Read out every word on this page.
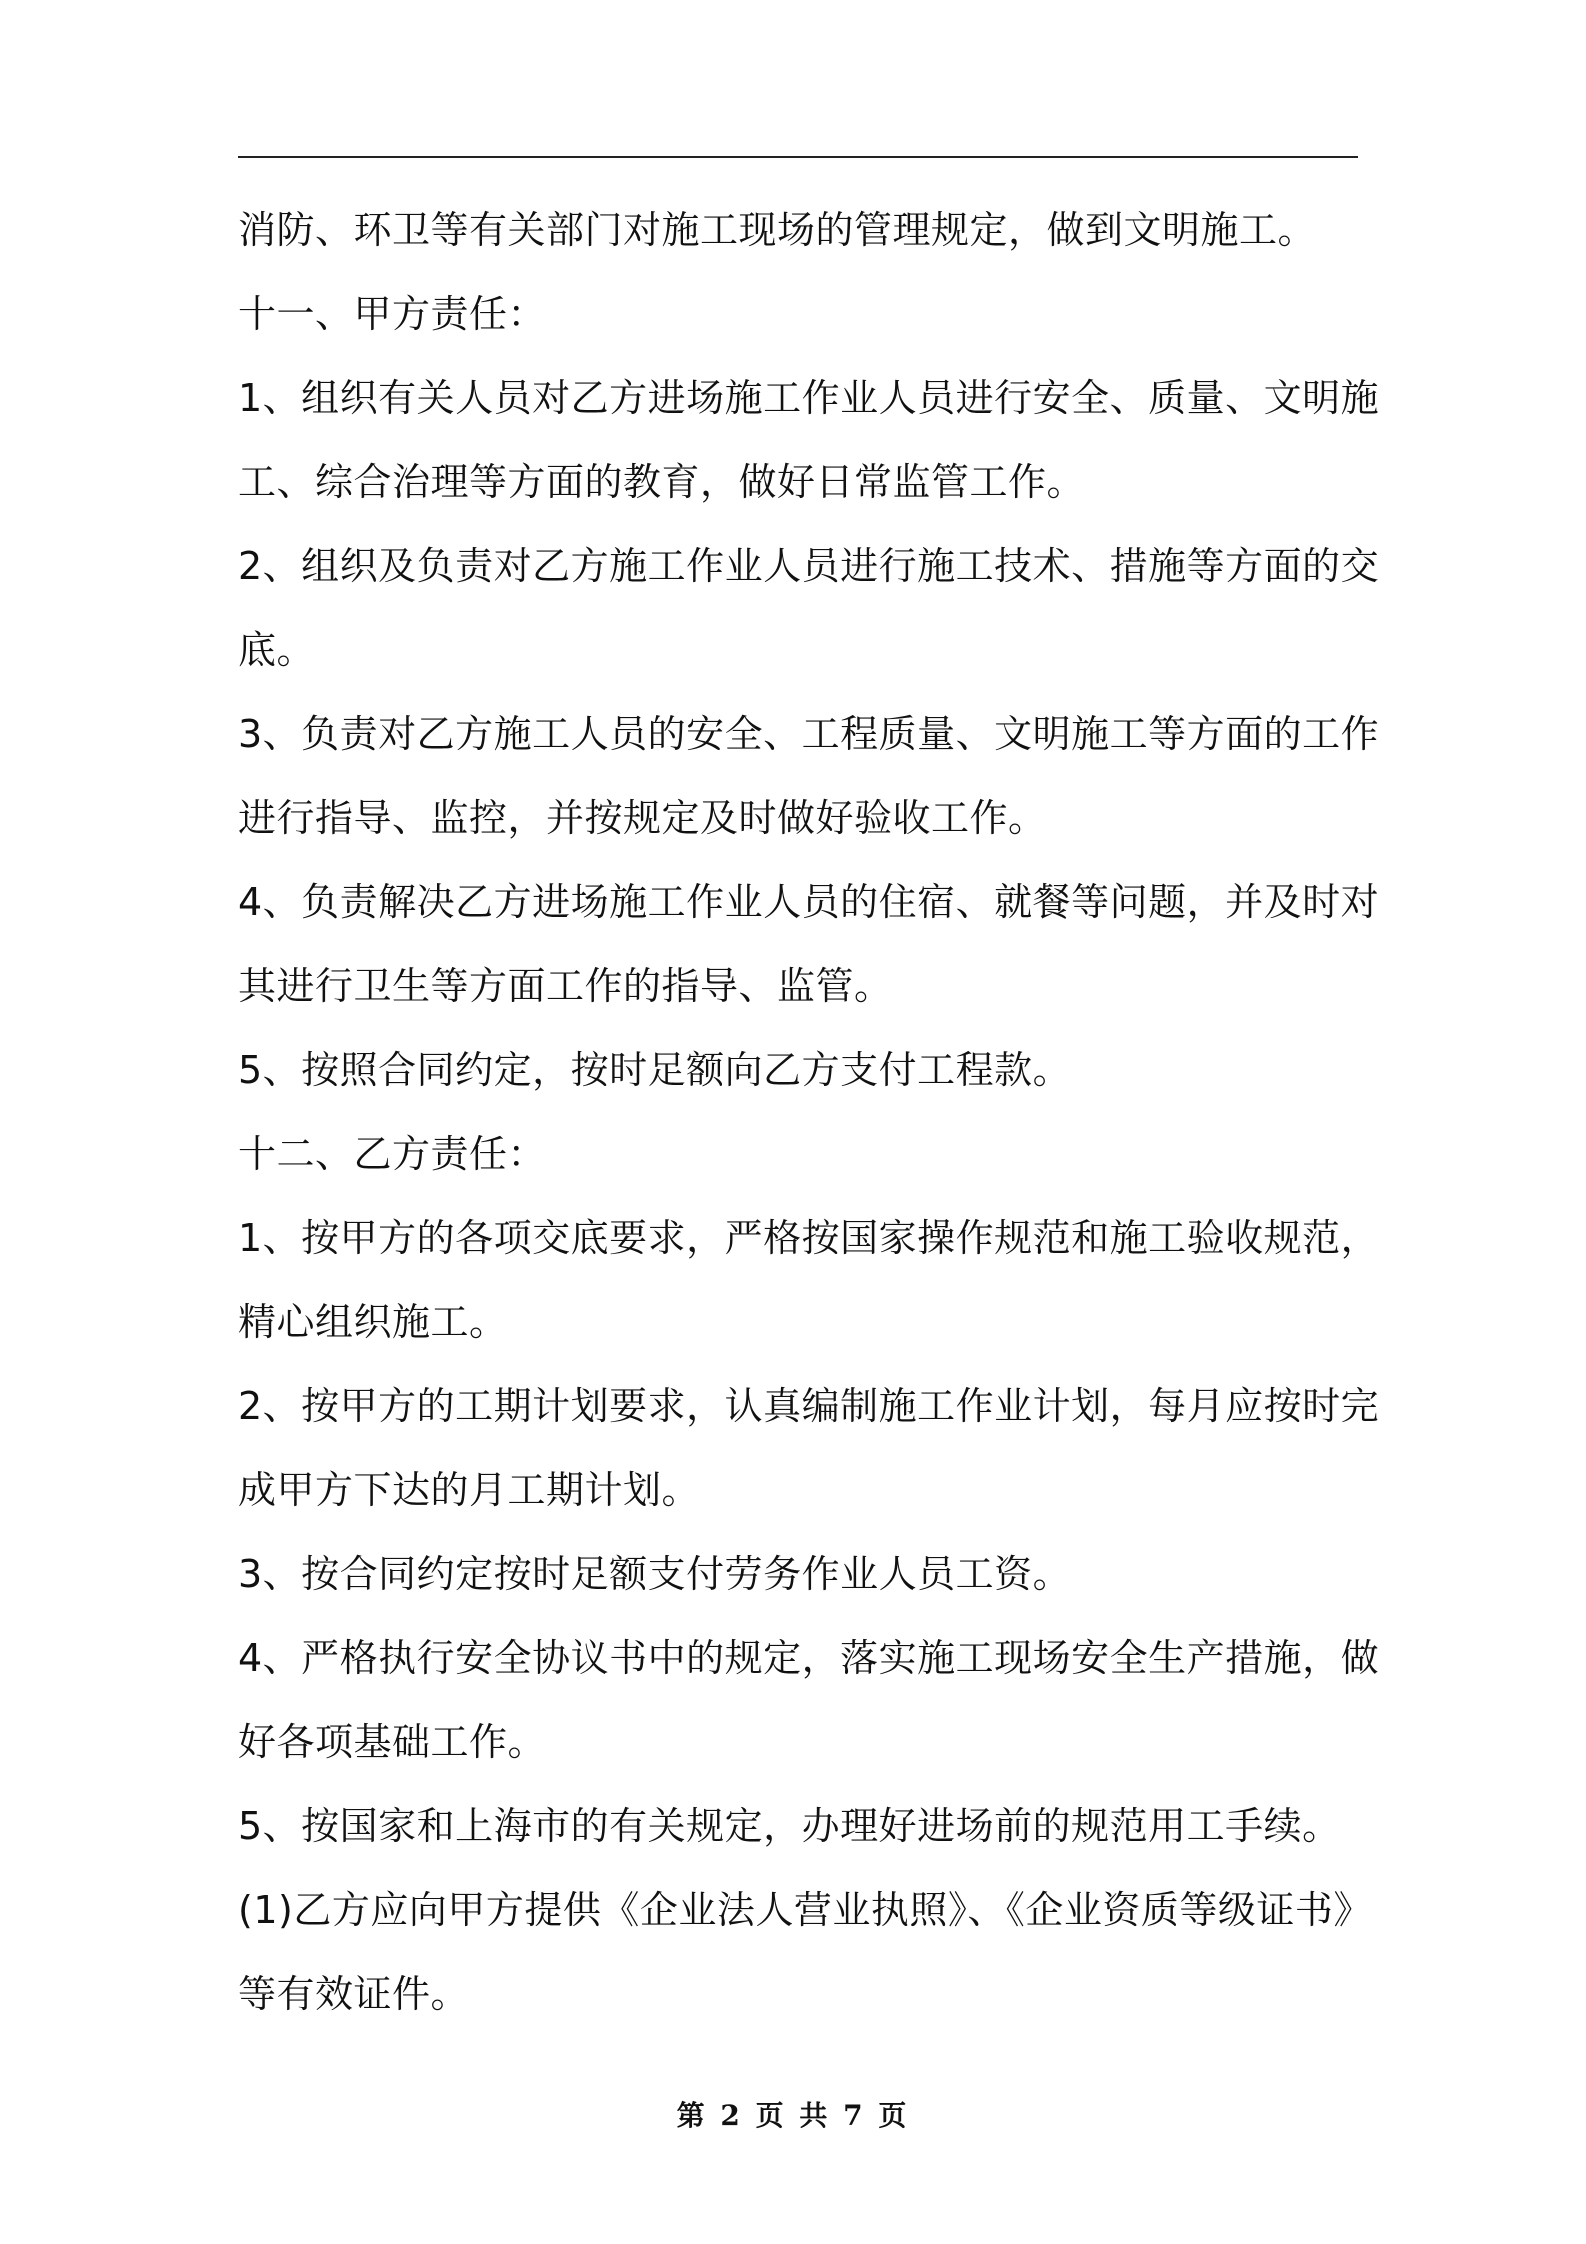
消防、环卫等有关部门对施工现场的管理规定，做到文明施工。
十一、甲方责任：
1、组织有关人员对乙方进场施工作业人员进行安全、质量、文明施
工、综合治理等方面的教育，做好日常监管工作。
2、组织及负责对乙方施工作业人员进行施工技术、措施等方面的交
底。
3、负责对乙方施工人员的安全、工程质量、文明施工等方面的工作
进行指导、监控，并按规定及时做好验收工作。
4、负责解决乙方进场施工作业人员的住宿、就餐等问题，并及时对
其进行卫生等方面工作的指导、监管。
5、按照合同约定，按时足额向乙方支付工程款。
十二、乙方责任：
1、按甲方的各项交底要求，严格按国家操作规范和施工验收规范，
精心组织施工。
2、按甲方的工期计划要求，认真编制施工作业计划，每月应按时完
成甲方下达的月工期计划。
3、按合同约定按时足额支付劳务作业人员工资。
4、严格执行安全协议书中的规定，落实施工现场安全生产措施，做
好各项基础工作。
5、按国家和上海市的有关规定，办理好进场前的规范用工手续。
(1)乙方应向甲方提供《企业法人营业执照》、《企业资质等级证书》
等有效证件。
第 2 页 共 7 页
